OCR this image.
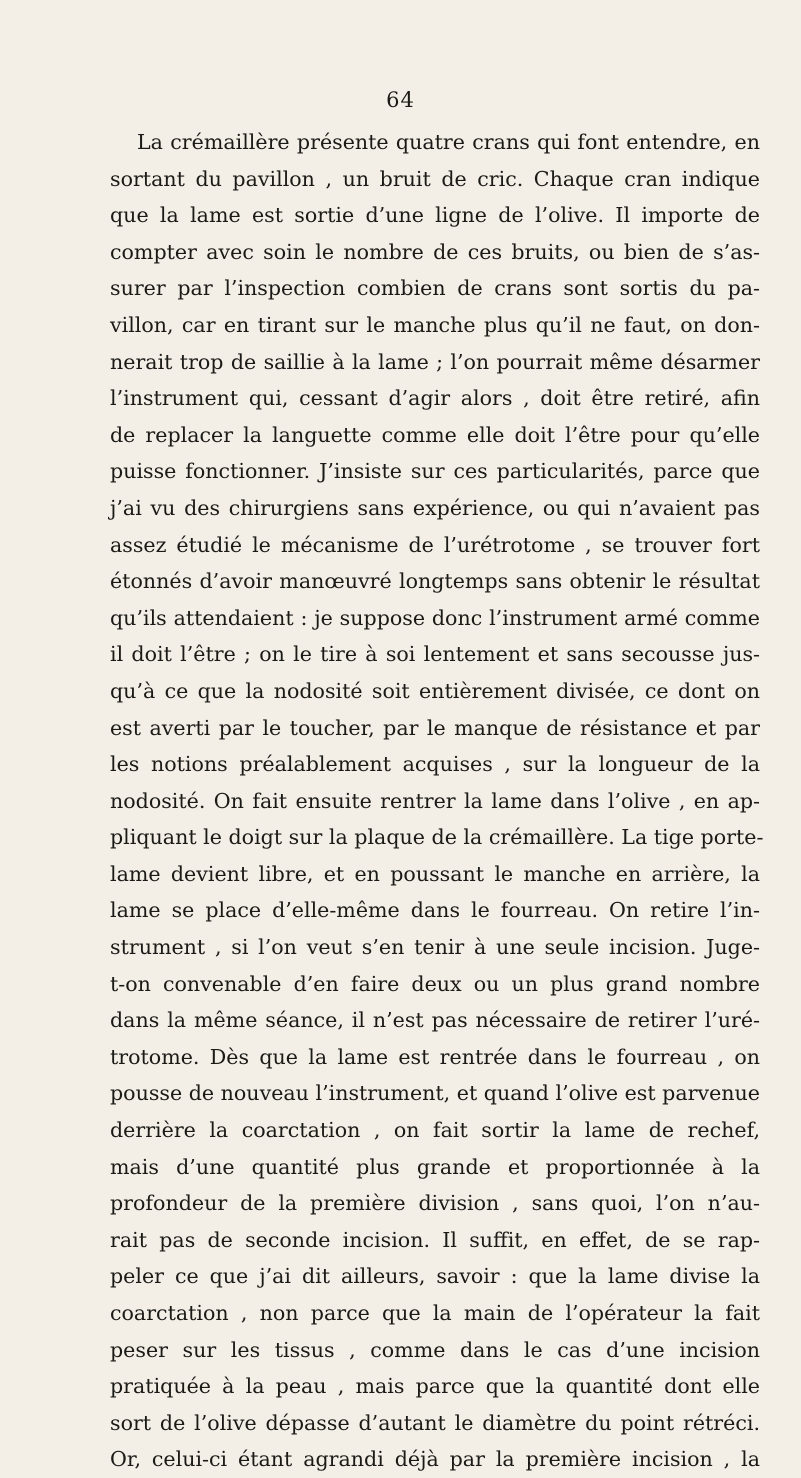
64
La crémaillère présente quatre crans qui font entendre, en
sortant du pavillon , un bruit de cric. Chaque cran indique
que la lame est sortie d’une ligne de l’olive. Il importe de
compter avec soin le nombre de ces bruits, ou bien de s’as-
surer par l’inspection combien de crans sont sortis du pa-
villon, car en tirant sur le manche plus qu’il ne faut, on don-
nerait trop de saillie à la lame ; l’on pourrait même désarmer
l’instrument qui, cessant d’agir alors , doit être retiré, afin
de replacer la languette comme elle doit l’être pour qu’elle
puisse fonctionner. J’insiste sur ces particularités, parce que
j’ai vu des chirurgiens sans expérience, ou qui n’avaient pas
assez étudié le mécanisme de l’urétrotome , se trouver fort
étonnés d’avoir manœuvré longtemps sans obtenir le résultat
qu’ils attendaient : je suppose donc l’instrument armé comme
il doit l’être ; on le tire à soi lentement et sans secousse jus-
qu’à ce que la nodosité soit entièrement divisée, ce dont on
est averti par le toucher, par le manque de résistance et par
les notions préalablement acquises , sur la longueur de la
nodosité. On fait ensuite rentrer la lame dans l’olive , en ap-
pliquant le doigt sur la plaque de la crémaillère. La tige porte-
lame devient libre, et en poussant le manche en arrière, la
lame se place d’elle-même dans le fourreau. On retire l’in-
strument , si l’on veut s’en tenir à une seule incision. Juge-
t-on convenable d’en faire deux ou un plus grand nombre
dans la même séance, il n’est pas nécessaire de retirer l’uré-
trotome. Dès que la lame est rentrée dans le fourreau , on
pousse de nouveau l’instrument, et quand l’olive est parvenue
derrière la coarctation , on fait sortir la lame de rechef,
mais d’une quantité plus grande et proportionnée à la
profondeur de la première division , sans quoi, l’on n’au-
rait pas de seconde incision. Il suffit, en effet, de se rap-
peler ce que j’ai dit ailleurs, savoir : que la lame divise la
coarctation , non parce que la main de l’opérateur la fait
peser sur les tissus , comme dans le cas d’une incision
pratiquée à la peau , mais parce que la quantité dont elle
sort de l’olive dépasse d’autant le diamètre du point rétréci.
Or, celui-ci étant agrandi déjà par la première incision , la
